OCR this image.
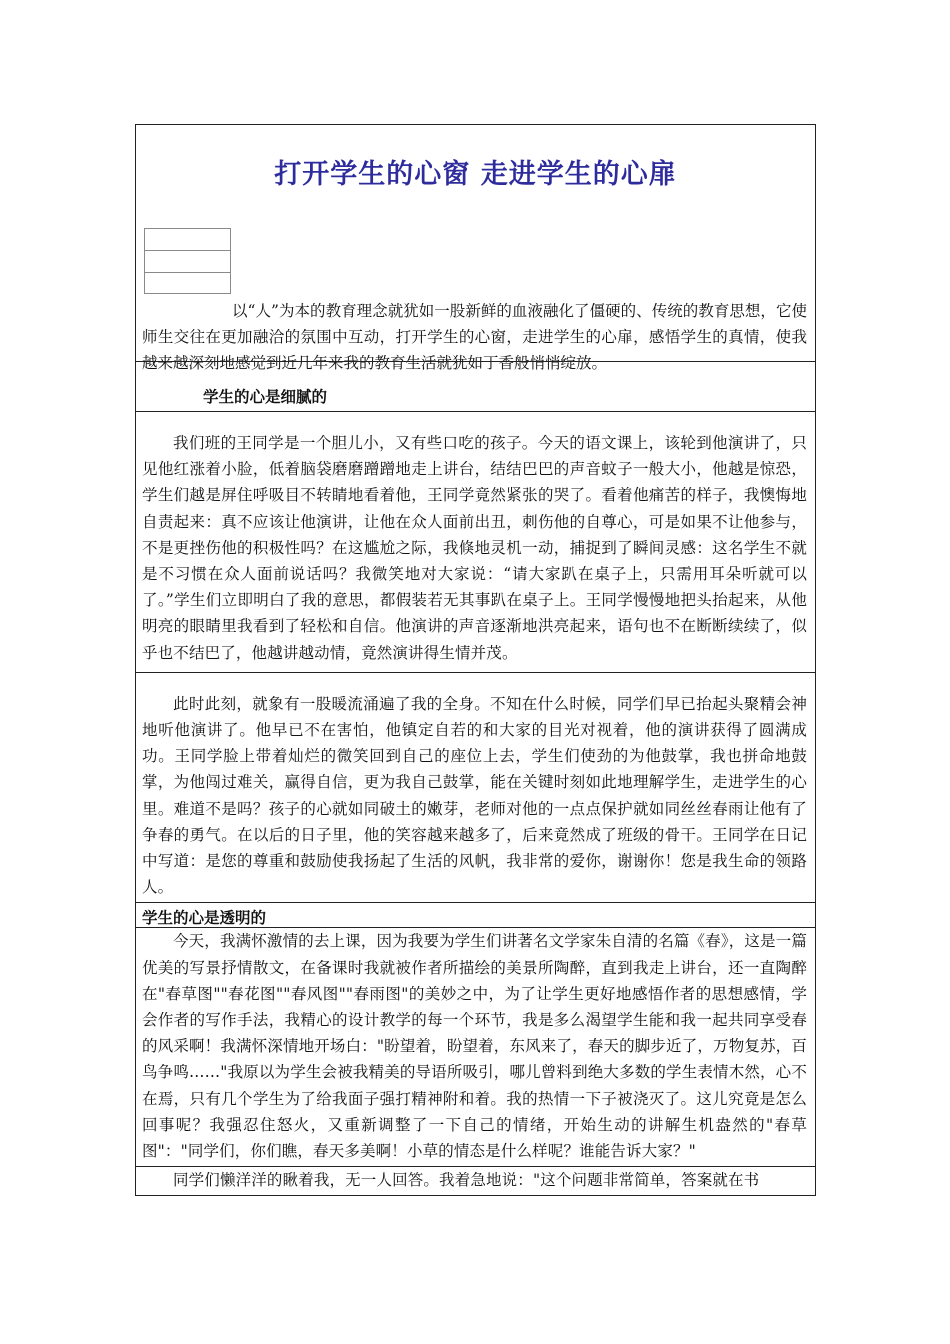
打开学生的心窗 走进学生的心扉

以“人”为本的教育理念就犹如一股新鲜的血液融化了僵硬的、传统的教育思想，它使师生交往在更加融洽的氛围中互动，打开学生的心窗，走进学生的心扉，感悟学生的真情，使我越来越深刻地感觉到近几年来我的教育生活就犹如丁香般悄悄绽放。

学生的心是细腻的

我们班的王同学是一个胆儿小，又有些口吃的孩子。今天的语文课上，该轮到他演讲了，只见他红涨着小脸，低着脑袋磨磨蹭蹭地走上讲台，结结巴巴的声音蚊子一般大小，他越是惊恐，学生们越是屏住呼吸目不转睛地看着他，王同学竟然紧张的哭了。看着他痛苦的样子，我懊悔地自责起来：真不应该让他演讲，让他在众人面前出丑，刺伤他的自尊心，可是如果不让他参与，不是更挫伤他的积极性吗？在这尴尬之际，我倏地灵机一动，捕捉到了瞬间灵感：这名学生不就是不习惯在众人面前说话吗？我微笑地对大家说：“请大家趴在桌子上，只需用耳朵听就可以了。”学生们立即明白了我的意思，都假装若无其事趴在桌子上。王同学慢慢地把头抬起来，从他明亮的眼睛里我看到了轻松和自信。他演讲的声音逐渐地洪亮起来，语句也不在断断续续了，似乎也不结巴了，他越讲越动情，竟然演讲得生情并茂。

此时此刻，就象有一股暖流涌遍了我的全身。不知在什么时候，同学们早已抬起头聚精会神地听他演讲了。他早已不在害怕，他镇定自若的和大家的目光对视着，他的演讲获得了圆满成功。王同学脸上带着灿烂的微笑回到自己的座位上去，学生们使劲的为他鼓掌，我也拼命地鼓掌，为他闯过难关，赢得自信，更为我自己鼓掌，能在关键时刻如此地理解学生，走进学生的心里。难道不是吗？孩子的心就如同破土的嫩芽，老师对他的一点点保护就如同丝丝春雨让他有了争春的勇气。在以后的日子里，他的笑容越来越多了，后来竟然成了班级的骨干。王同学在日记中写道：是您的尊重和鼓励使我扬起了生活的风帆，我非常的爱你，谢谢你！您是我生命的领路人。

学生的心是透明的

今天，我满怀激情的去上课，因为我要为学生们讲著名文学家朱自清的名篇《春》，这是一篇优美的写景抒情散文，在备课时我就被作者所描绘的美景所陶醉，直到我走上讲台，还一直陶醉在"春草图""春花图""春风图""春雨图"的美妙之中，为了让学生更好地感悟作者的思想感情，学会作者的写作手法，我精心的设计教学的每一个环节，我是多么渴望学生能和我一起共同享受春的风采啊！我满怀深情地开场白："盼望着，盼望着，东风来了，春天的脚步近了，万物复苏，百鸟争鸣……"我原以为学生会被我精美的导语所吸引，哪儿曾料到绝大多数的学生表情木然，心不在焉，只有几个学生为了给我面子强打精神附和着。我的热情一下子被浇灭了。这儿究竟是怎么回事呢？我强忍住怒火，又重新调整了一下自己的情绪，开始生动的讲解生机盎然的"春草图"："同学们，你们瞧，春天多美啊！小草的情态是什么样呢？谁能告诉大家？"

同学们懒洋洋的瞅着我，无一人回答。我着急地说："这个问题非常简单，答案就在书
